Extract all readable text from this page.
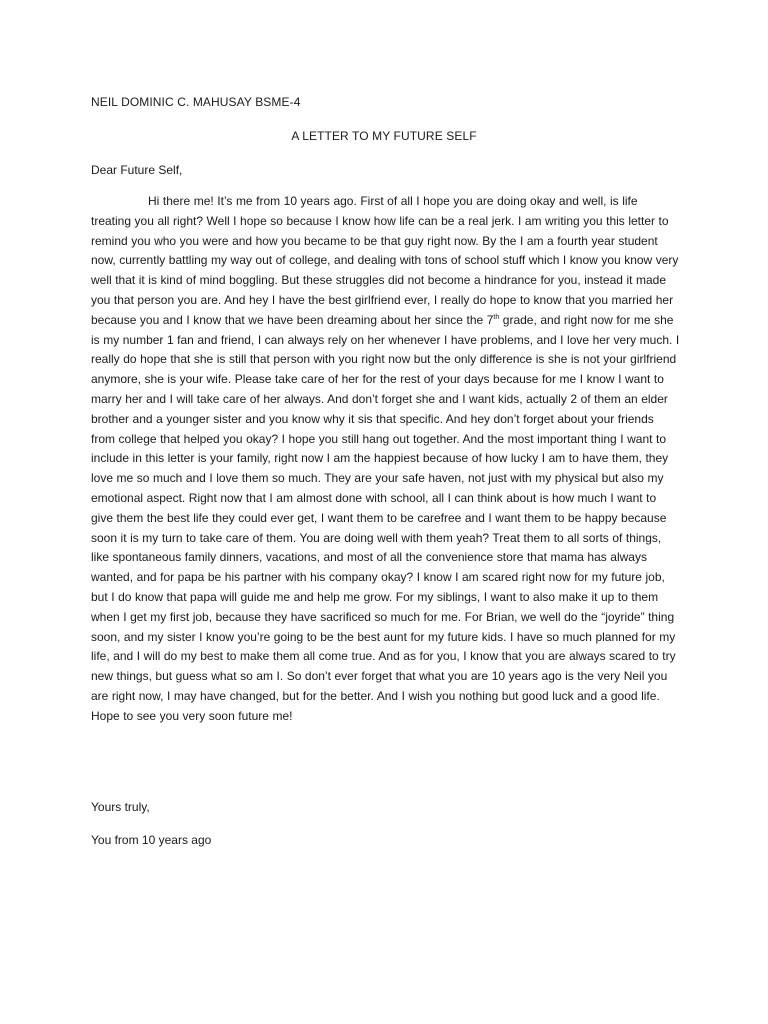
NEIL DOMINIC C. MAHUSAY BSME-4
A LETTER TO MY FUTURE SELF
Dear Future Self,
Hi there me! It’s me from 10 years ago. First of all I hope you are doing okay and well, is life treating you all right? Well I hope so because I know how life can be a real jerk. I am writing you this letter to remind you who you were and how you became to be that guy right now. By the I am a fourth year student now, currently battling my way out of college, and dealing with tons of school stuff which I know you know very well that it is kind of mind boggling. But these struggles did not become a hindrance for you, instead it made you that person you are. And hey I have the best girlfriend ever, I really do hope to know that you married her because you and I know that we have been dreaming about her since the 7th grade, and right now for me she is my number 1 fan and friend, I can always rely on her whenever I have problems, and I love her very much. I really do hope that she is still that person with you right now but the only difference is she is not your girlfriend anymore, she is your wife. Please take care of her for the rest of your days because for me I know I want to marry her and I will take care of her always. And don’t forget she and I want kids, actually 2 of them an elder brother and a younger sister and you know why it sis that specific. And hey don’t forget about your friends from college that helped you okay? I hope you still hang out together. And the most important thing I want to include in this letter is your family, right now I am the happiest because of how lucky I am to have them, they love me so much and I love them so much. They are your safe haven, not just with my physical but also my emotional aspect. Right now that I am almost done with school, all I can think about is how much I want to give them the best life they could ever get, I want them to be carefree and I want them to be happy because soon it is my turn to take care of them. You are doing well with them yeah? Treat them to all sorts of things, like spontaneous family dinners, vacations, and most of all the convenience store that mama has always wanted, and for papa be his partner with his company okay? I know I am scared right now for my future job, but I do know that papa will guide me and help me grow. For my siblings, I want to also make it up to them when I get my first job, because they have sacrificed so much for me. For Brian, we well do the “joyride” thing soon, and my sister I know you’re going to be the best aunt for my future kids. I have so much planned for my life, and I will do my best to make them all come true. And as for you, I know that you are always scared to try new things, but guess what so am I. So don’t ever forget that what you are 10 years ago is the very Neil you are right now, I may have changed, but for the better. And I wish you nothing but good luck and a good life. Hope to see you very soon future me!
Yours truly,
You from 10 years ago
